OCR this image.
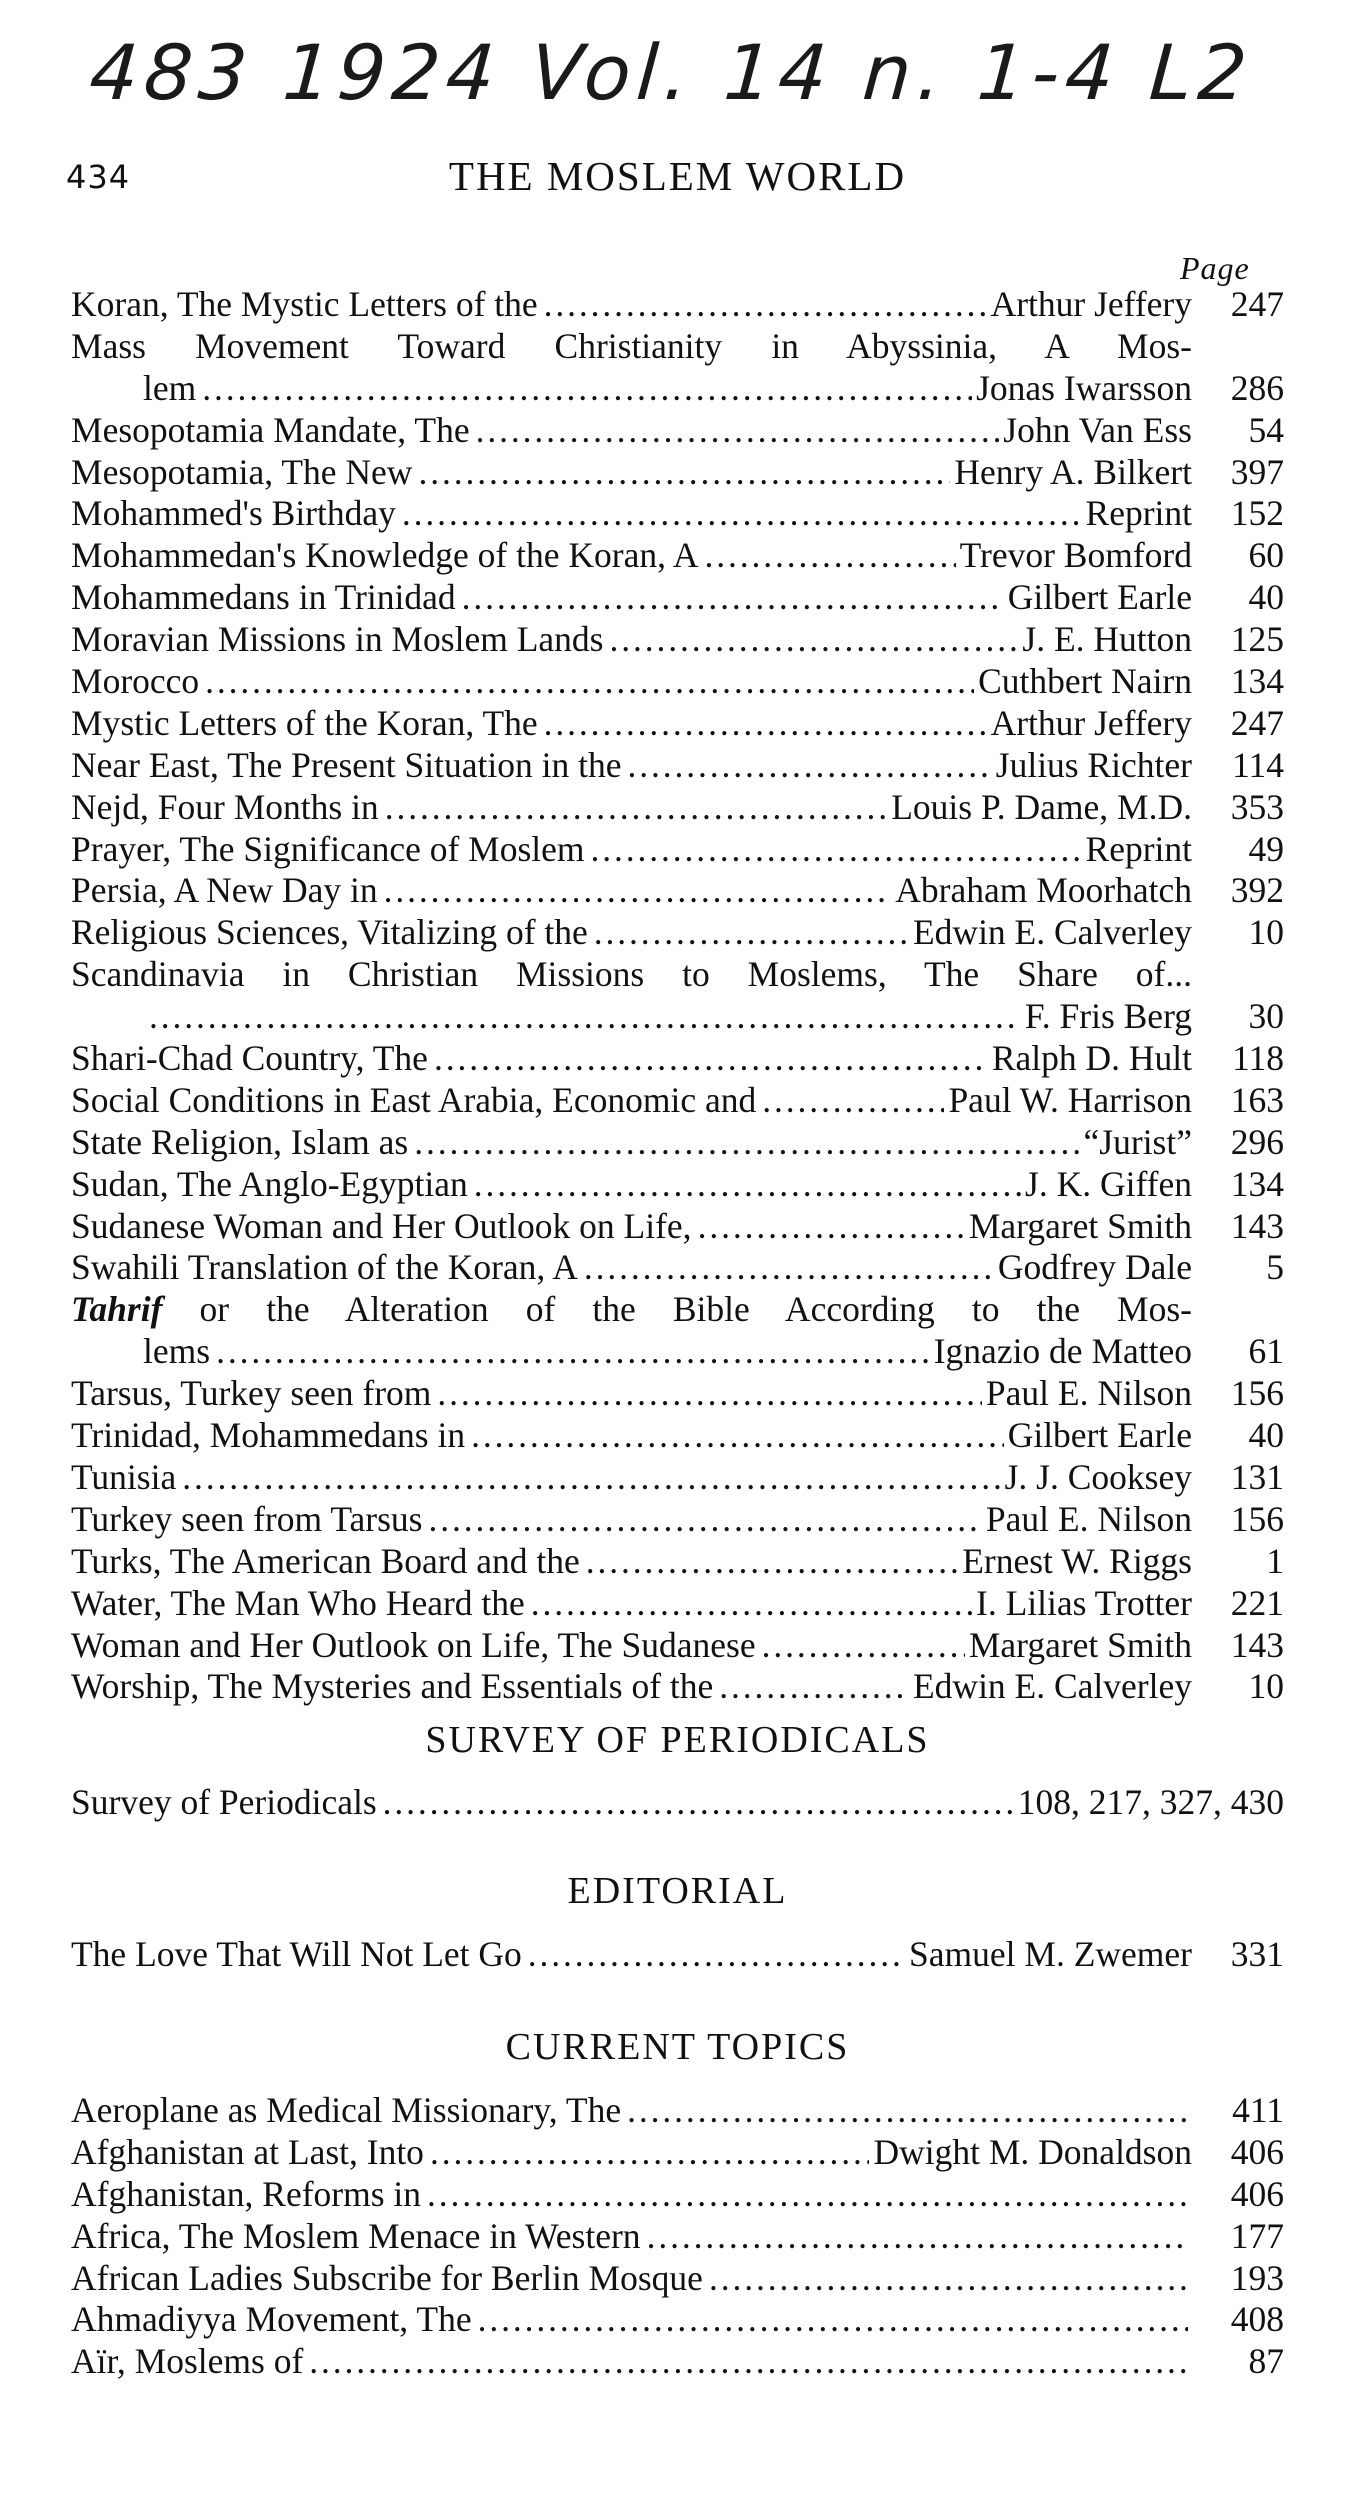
483 1924 Vol. 14 n. 1-4 L2
434	THE MOSLEM WORLD
Page
Koran, The Mystic Letters of the . . .	Arthur Jeffery	247
Mass Movement Toward Christianity in Abyssinia, A Mos-
lem . . .	Jonas Iwarsson	286
Mesopotamia Mandate, The . . .	John Van Ess	54
Mesopotamia, The New . . .	Henry A. Bilkert	397
Mohammed's Birthday . . .	Reprint	152
Mohammedan's Knowledge of the Koran, A . . .	Trevor Bomford	60
Mohammedans in Trinidad . . .	Gilbert Earle	40
Moravian Missions in Moslem Lands . . .	J. E. Hutton	125
Morocco . . .	Cuthbert Nairn	134
Mystic Letters of the Koran, The . . .	Arthur Jeffery	247
Near East, The Present Situation in the . . .	Julius Richter	114
Nejd, Four Months in . . .	Louis P. Dame, M.D.	353
Prayer, The Significance of Moslem . . .	Reprint	49
Persia, A New Day in . . .	Abraham Moorhatch	392
Religious Sciences, Vitalizing of the . . .	Edwin E. Calverley	10
Scandinavia in Christian Missions to Moslems, The Share of...
. . .
F. Fris Berg	30
Shari-Chad Country, The . . .	Ralph D. Hult	118
Social Conditions in East Arabia, Economic and . . .	Paul W. Harrison	163
State Religion, Islam as . . .	“Jurist”	296
Sudan, The Anglo-Egyptian . . .	J. K. Giffen	134
Sudanese Woman and Her Outlook on Life, . . .	Margaret Smith	143
Swahili Translation of the Koran, A . . .	Godfrey Dale	5
Tahrif or the Alteration of the Bible According to the Mos-
lems . . .	Ignazio de Matteo	61
Tarsus, Turkey seen from . . .	Paul E. Nilson	156
Trinidad, Mohammedans in . . .	Gilbert Earle	40
Tunisia . . .	J. J. Cooksey	131
Turkey seen from Tarsus . . .	Paul E. Nilson	156
Turks, The American Board and the . . .	Ernest W. Riggs	1
Water, The Man Who Heard the . . .	I. Lilias Trotter	221
Woman and Her Outlook on Life, The Sudanese . . .	Margaret Smith	143
Worship, The Mysteries and Essentials of the . . .	Edwin E. Calverley	10
SURVEY OF PERIODICALS
Survey of Periodicals . . .	108, 217, 327, 430
EDITORIAL
The Love That Will Not Let Go . . .	Samuel M. Zwemer	331
CURRENT TOPICS
Aeroplane as Medical Missionary, The . . .	411
Afghanistan at Last, Into . . .	Dwight M. Donaldson	406
Afghanistan, Reforms in . . .	406
Africa, The Moslem Menace in Western . . .	177
African Ladies Subscribe for Berlin Mosque . . .	193
Ahmadiyya Movement, The . . .	408
Aïr, Moslems of . . .	87
